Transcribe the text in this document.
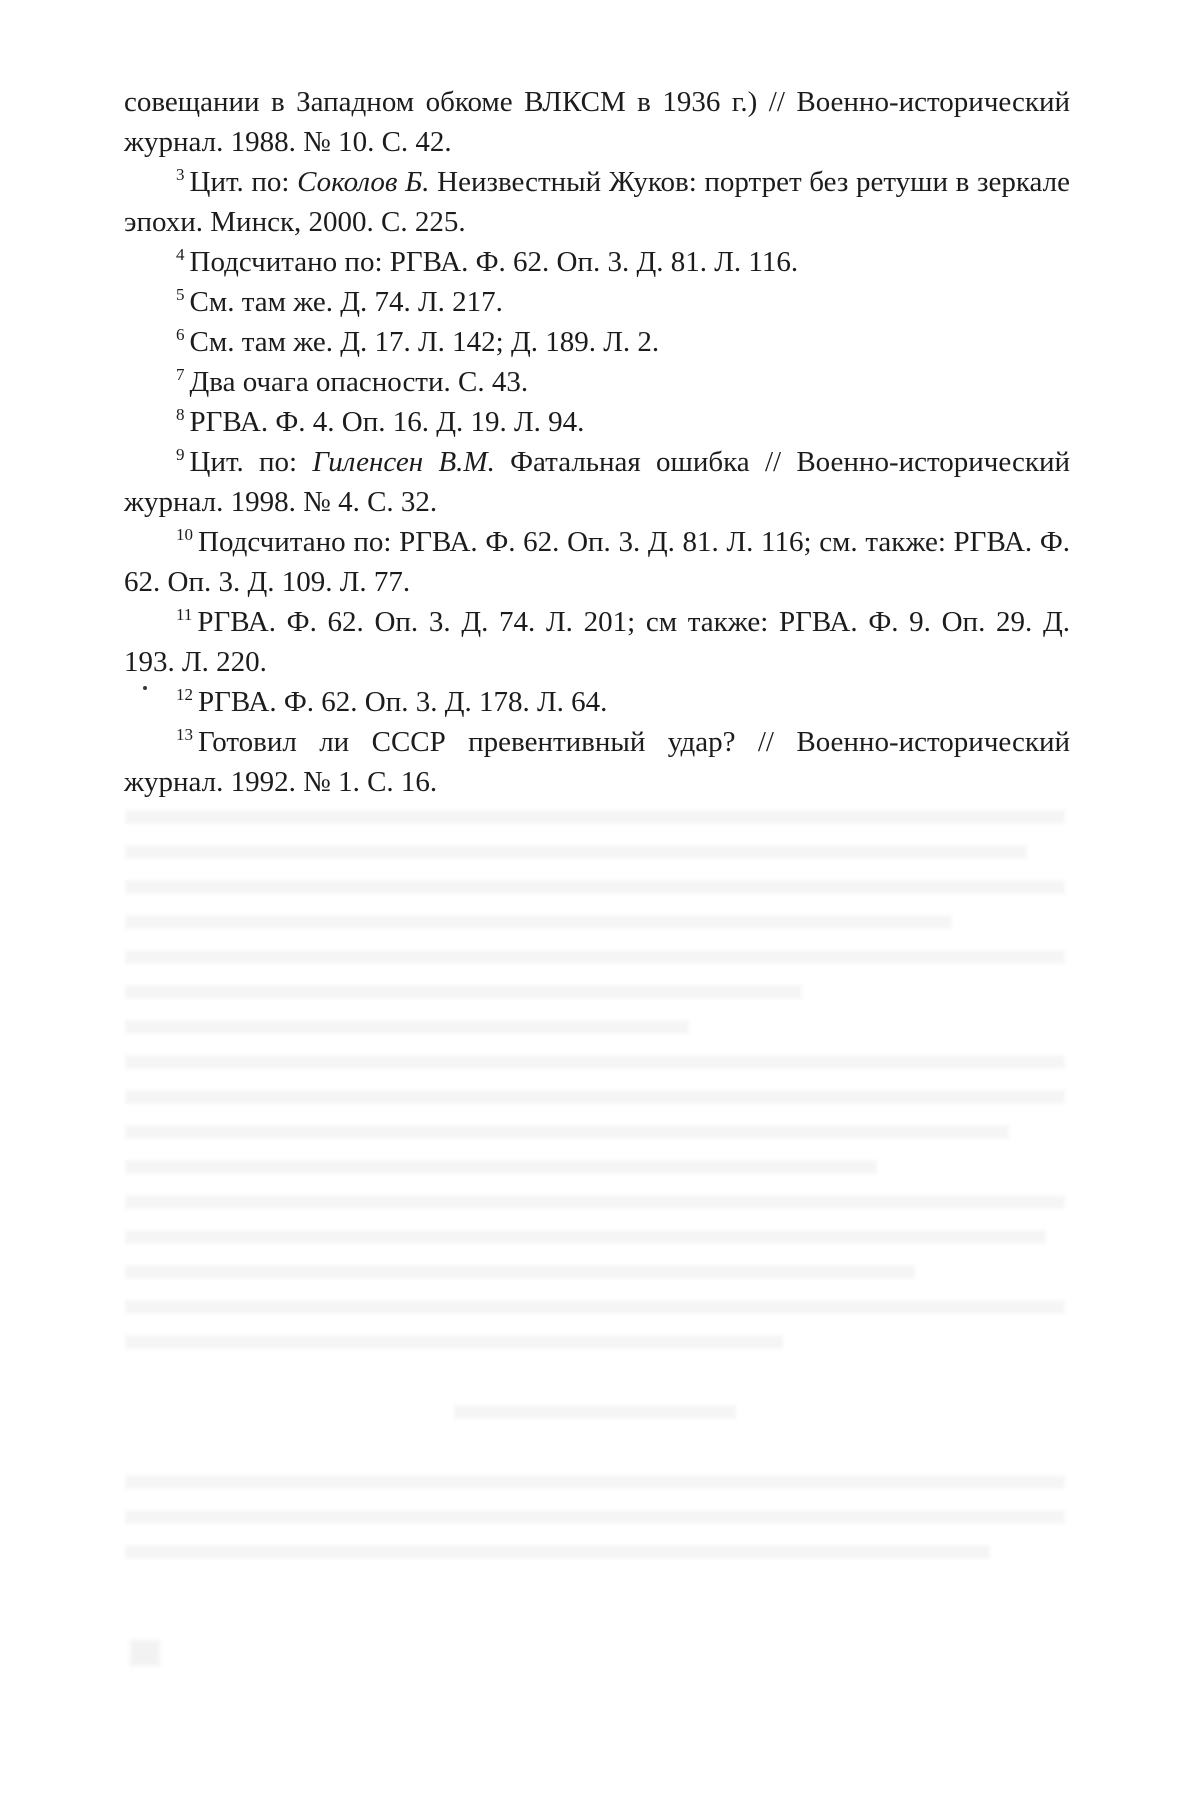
совещании в Западном обкоме ВЛКСМ в 1936 г.) // Военно-исторический журнал. 1988. № 10. С. 42.

$^3$ Цит. по: Соколов Б. Неизвестный Жуков: портрет без ретуши в зеркале эпохи. Минск, 2000. С. 225.

$^4$ Подсчитано по: РГВА. Ф. 62. Оп. 3. Д. 81. Л. 116.

$^5$ См. там же. Д. 74. Л. 217.

$^6$ См. там же. Д. 17. Л. 142; Д. 189. Л. 2.

$^7$ Два очага опасности. С. 43.

$^8$ РГВА. Ф. 4. Оп. 16. Д. 19. Л. 94.

$^9$ Цит. по: Гиленсен В.М. Фатальная ошибка // Военно-исторический журнал. 1998. № 4. С. 32.

$^{10}$ Подсчитано по: РГВА. Ф. 62. Оп. 3. Д. 81. Л. 116; см. также: РГВА. Ф. 62. Оп. 3. Д. 109. Л. 77.

$^{11}$ РГВА. Ф. 62. Оп. 3. Д. 74. Л. 201; см также: РГВА. Ф. 9. Оп. 29. Д. 193. Л. 220.

$^{12}$ РГВА. Ф. 62. Оп. 3. Д. 178. Л. 64.

$^{13}$ Готовил ли СССР превентивный удар? // Военно-исторический журнал. 1992. № 1. С. 16.
